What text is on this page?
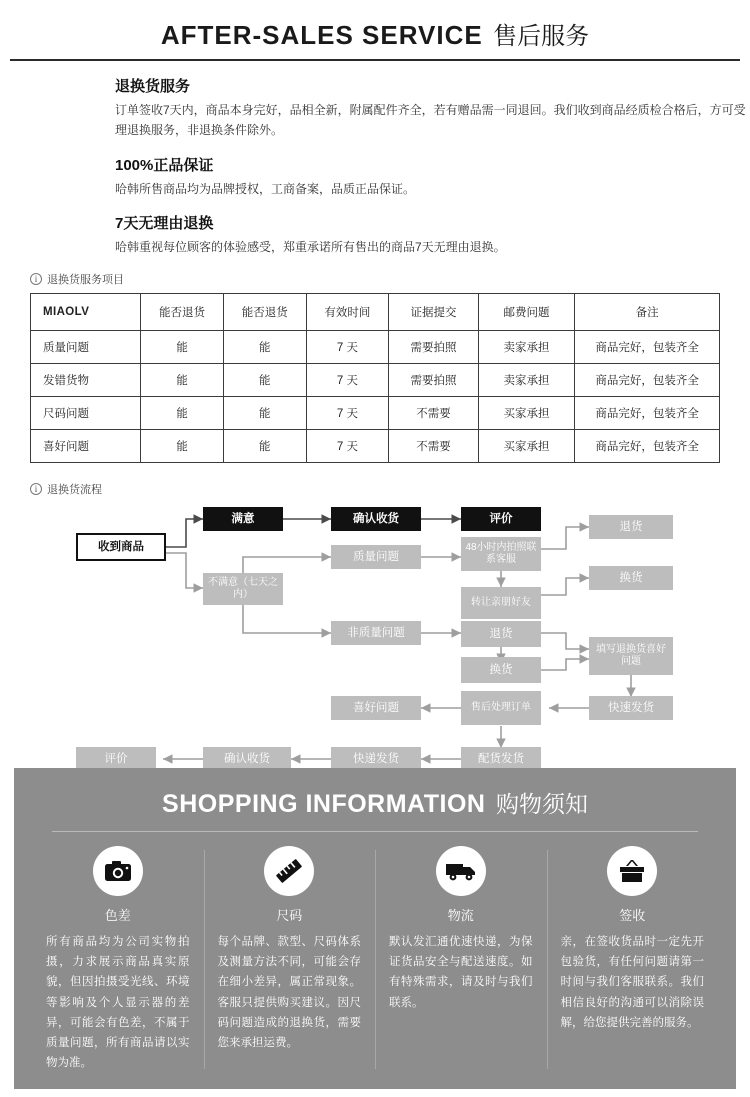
AFTER-SALES SERVICE 售后服务
退换货服务

订单签收7天内，商品本身完好，品相全新，附属配件齐全，若有赠品需一同退回。我们收到商品经质检合格后，方可受理退换服务，非退换条件除外。

100%正品保证

哈韩所售商品均为品牌授权，工商备案，品质正品保证。

7天无理由退换

哈韩重视每位顾客的体验感受，郑重承诺所有售出的商品7天无理由退换。

i 退换货服务项目
MIAOLV	能否退货	能否退货	有效时间	证据提交	邮费问题	备注
质量问题	能	能	7 天	需要拍照	卖家承担	商品完好，包装齐全
发错货物	能	能	7 天	需要拍照	卖家承担	商品完好，包装齐全
尺码问题	能	能	7 天	不需要	买家承担	商品完好，包装齐全
喜好问题	能	能	7 天	不需要	买家承担	商品完好，包装齐全
i 退换货流程
收到商品
满意	确认收货	评价
质量问题
48小时内拍照联系客服
退货
不满意（七天之内）
转让亲朋好友
换货
非质量问题	退货
填写退换货喜好问题
换货
喜好问题	售后处理订单	快速发货
评价	确认收货	快递发货	配货发货
SHOPPING INFORMATION 购物须知
色差

所有商品均为公司实物拍摄，力求展示商品真实原貌，但因拍摄受光线、环境等影响及个人显示器的差异，可能会有色差，不属于质量问题，所有商品请以实物为准。

尺码

每个品牌、款型、尺码体系及测量方法不同，可能会存在细小差异，属正常现象。客服只提供购买建议。因尺码问题造成的退换货，需要您来承担运费。

物流

默认发汇通优速快递，为保证货品安全与配送速度。如有特殊需求，请及时与我们联系。

签收

亲，在签收货品时一定先开包验货，有任何问题请第一时间与我们客服联系。我们相信良好的沟通可以消除误解，给您提供完善的服务。
